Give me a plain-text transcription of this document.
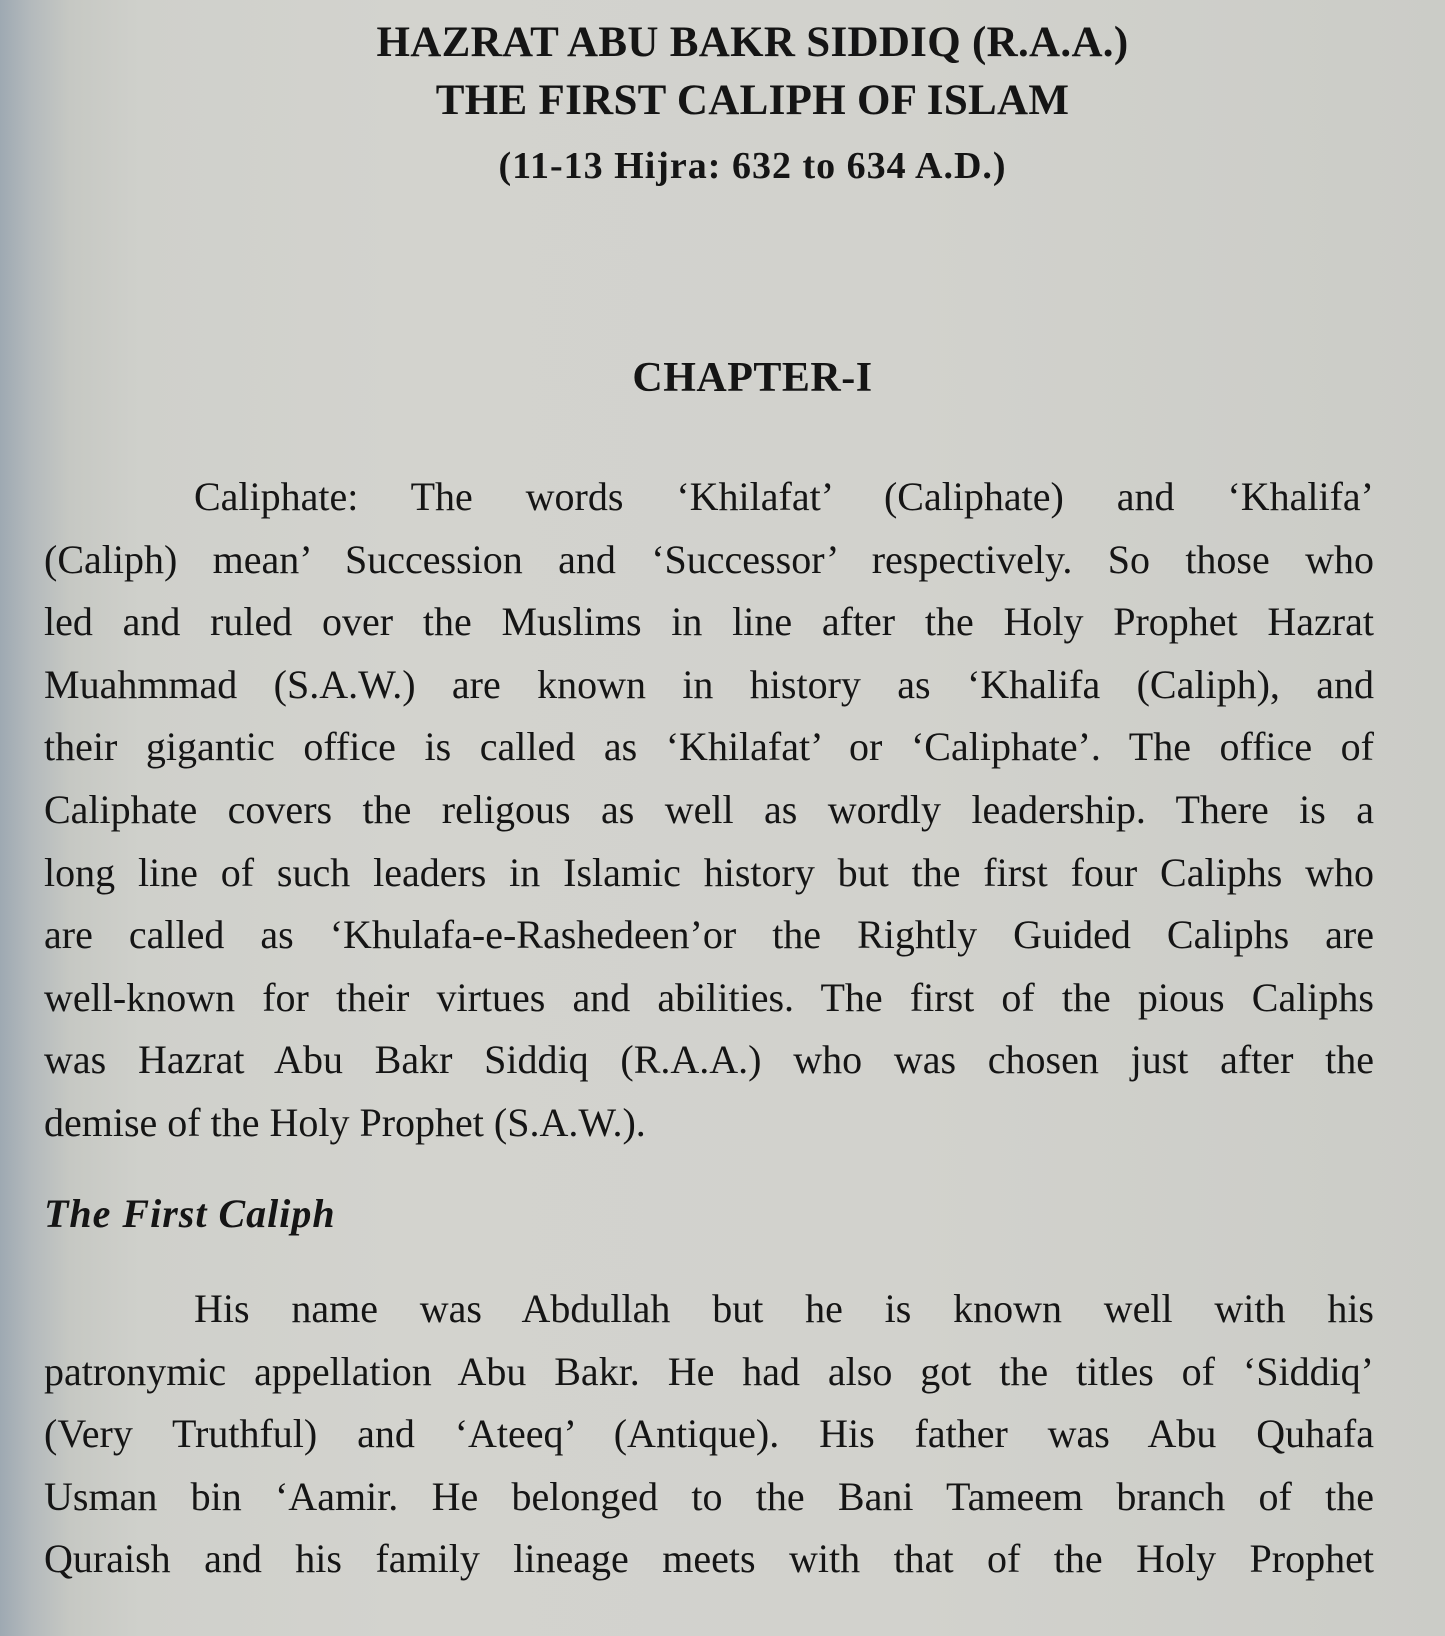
HAZRAT ABU BAKR SIDDIQ (R.A.A.)
THE FIRST CALIPH OF ISLAM
(11-13 Hijra: 632 to 634 A.D.)
CHAPTER-I
Caliphate: The words ‘Khilafat’ (Caliphate) and ‘Khalifa’
(Caliph) mean’ Succession and ‘Successor’ respectively. So those who
led and ruled over the Muslims in line after the Holy Prophet Hazrat
Muahmmad (S.A.W.) are known in history as ‘Khalifa (Caliph), and
their gigantic office is called as ‘Khilafat’ or ‘Caliphate’. The office of
Caliphate covers the religous as well as wordly leadership. There is a
long line of such leaders in Islamic history but the first four Caliphs who
are called as ‘Khulafa-e-Rashedeen’or the Rightly Guided Caliphs are
well-known for their virtues and abilities. The first of the pious Caliphs
was Hazrat Abu Bakr Siddiq (R.A.A.) who was chosen just after the
demise of the Holy Prophet (S.A.W.).
The First Caliph
His name was Abdullah but he is known well with his
patronymic appellation Abu Bakr. He had also got the titles of ‘Siddiq’
(Very Truthful) and ‘Ateeq’ (Antique). His father was Abu Quhafa
Usman bin ‘Aamir. He belonged to the Bani Tameem branch of the
Quraish and his family lineage meets with that of the Holy Prophet
